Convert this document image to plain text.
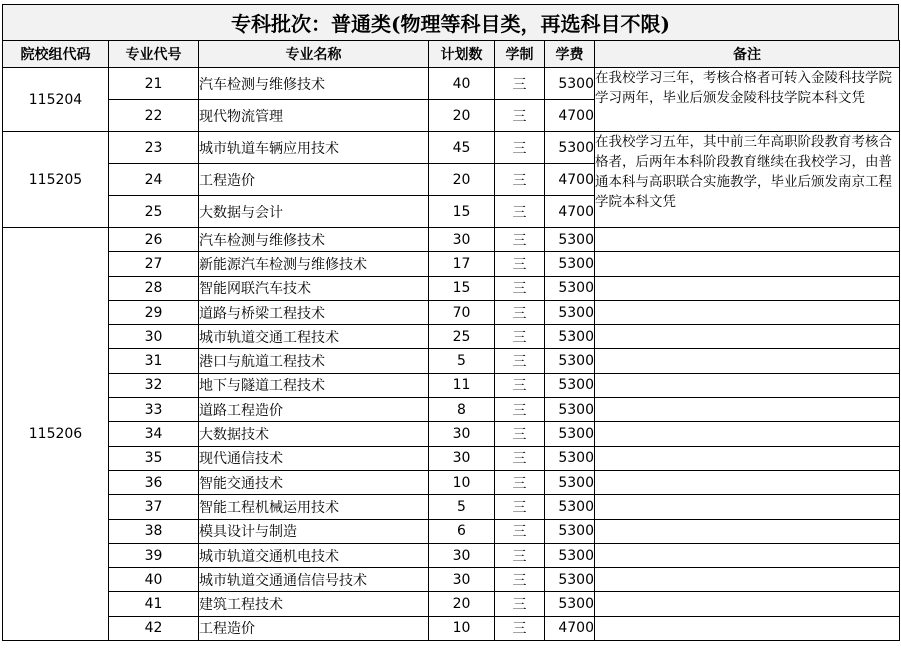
专科批次：普通类(物理等科目类，再选科目不限)
院校组代码	专业代号	专业名称	计划数	学制	学费	备注
115204	21	汽车检测与维修技术	40	三	5300	在我校学习三年，考核合格者可转入金陵科技学院学习两年，毕业后颁发金陵科技学院本科文凭
	22	现代物流管理	20	三	4700	
115205	23	城市轨道车辆应用技术	45	三	5300	在我校学习五年，其中前三年高职阶段教育考核合格者，后两年本科阶段教育继续在我校学习，由普通本科与高职联合实施教学，毕业后颁发南京工程学院本科文凭
	24	工程造价	20	三	4700	
	25	大数据与会计	15	三	4700	
115206	26	汽车检测与维修技术	30	三	5300	
	27	新能源汽车检测与维修技术	17	三	5300	
	28	智能网联汽车技术	15	三	5300	
	29	道路与桥梁工程技术	70	三	5300	
	30	城市轨道交通工程技术	25	三	5300	
	31	港口与航道工程技术	5	三	5300	
	32	地下与隧道工程技术	11	三	5300	
	33	道路工程造价	8	三	5300	
	34	大数据技术	30	三	5300	
	35	现代通信技术	30	三	5300	
	36	智能交通技术	10	三	5300	
	37	智能工程机械运用技术	5	三	5300	
	38	模具设计与制造	6	三	5300	
	39	城市轨道交通机电技术	30	三	5300	
	40	城市轨道交通通信信号技术	30	三	5300	
	41	建筑工程技术	20	三	5300	
	42	工程造价	10	三	4700	
